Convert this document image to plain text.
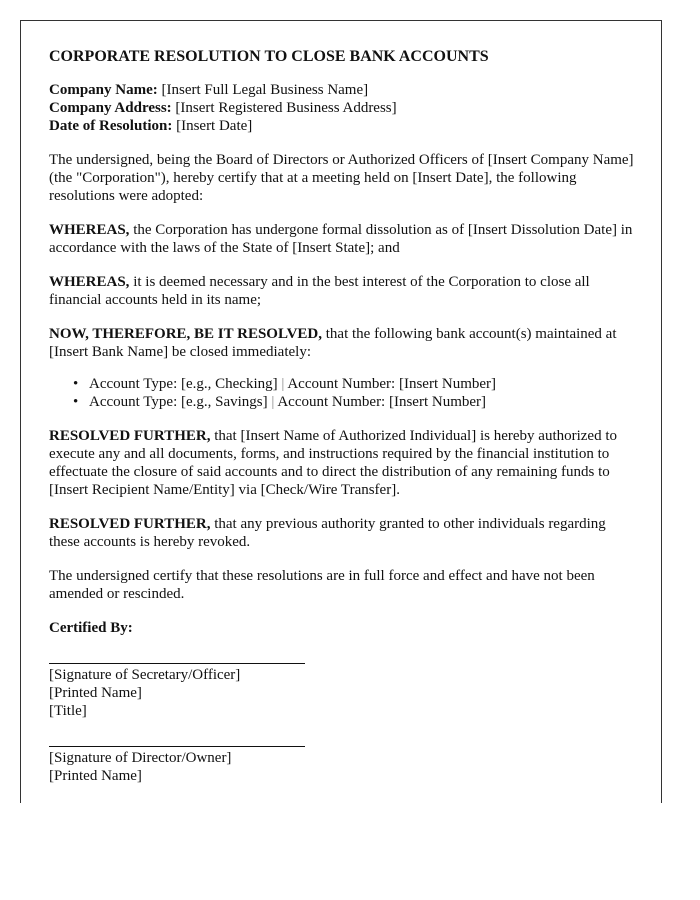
CORPORATE RESOLUTION TO CLOSE BANK ACCOUNTS

Company Name: [Insert Full Legal Business Name]
Company Address: [Insert Registered Business Address]
Date of Resolution: [Insert Date]

The undersigned, being the Board of Directors or Authorized Officers of [Insert Company Name] (the "Corporation"), hereby certify that at a meeting held on [Insert Date], the following resolutions were adopted:

WHEREAS, the Corporation has undergone formal dissolution as of [Insert Dissolution Date] in accordance with the laws of the State of [Insert State]; and

WHEREAS, it is deemed necessary and in the best interest of the Corporation to close all financial accounts held in its name;

NOW, THEREFORE, BE IT RESOLVED, that the following bank account(s) maintained at [Insert Bank Name] be closed immediately:

• Account Type: [e.g., Checking] | Account Number: [Insert Number]
• Account Type: [e.g., Savings] | Account Number: [Insert Number]

RESOLVED FURTHER, that [Insert Name of Authorized Individual] is hereby authorized to execute any and all documents, forms, and instructions required by the financial institution to effectuate the closure of said accounts and to direct the distribution of any remaining funds to [Insert Recipient Name/Entity] via [Check/Wire Transfer].

RESOLVED FURTHER, that any previous authority granted to other individuals regarding these accounts is hereby revoked.

The undersigned certify that these resolutions are in full force and effect and have not been amended or rescinded.

Certified By:
[Signature of Secretary/Officer]
[Printed Name]
[Title]
[Signature of Director/Owner]
[Printed Name]
